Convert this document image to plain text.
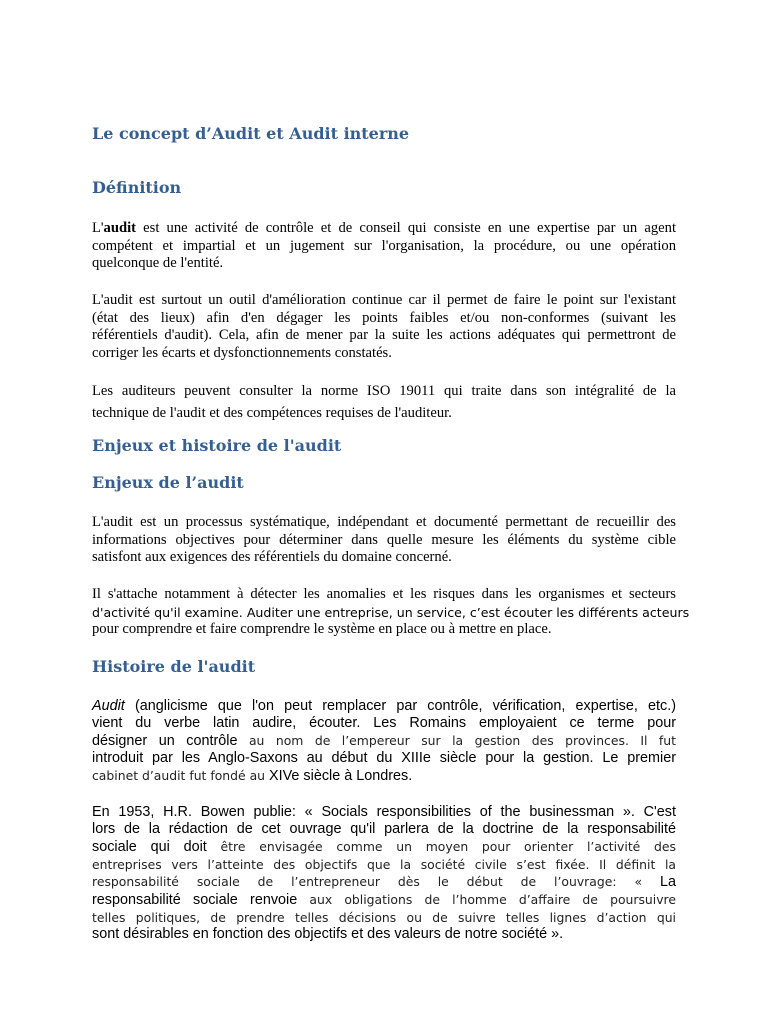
Le concept d’Audit et Audit interne
Définition

L'audit est une activité de contrôle et de conseil qui consiste en une expertise par un agent
compétent et impartial et un jugement sur l'organisation, la procédure, ou une opération
quelconque de l'entité.

L'audit est surtout un outil d'amélioration continue car il permet de faire le point sur l'existant
(état des lieux) afin d'en dégager les points faibles et/ou non-conformes (suivant les
référentiels d'audit). Cela, afin de mener par la suite les actions adéquates qui permettront de
corriger les écarts et dysfonctionnements constatés.

Les auditeurs peuvent consulter la norme ISO 19011 qui traite dans son intégralité de la
technique de l'audit et des compétences requises de l'auditeur.

Enjeux et histoire de l'audit
Enjeux de l’audit

L'audit est un processus systématique, indépendant et documenté permettant de recueillir des
informations objectives pour déterminer dans quelle mesure les éléments du système cible
satisfont aux exigences des référentiels du domaine concerné.

Il s'attache notamment à détecter les anomalies et les risques dans les organismes et secteurs
d'activité qu'il examine. Auditer une entreprise, un service, c’est écouter les différents acteurs
pour comprendre et faire comprendre le système en place ou à mettre en place.

Histoire de l'audit

Audit (anglicisme que l'on peut remplacer par contrôle, vérification, expertise, etc.)
vient du verbe latin audire, écouter. Les Romains employaient ce terme pour
désigner un contrôle au nom de l’empereur sur la gestion des provinces. Il fut
introduit par les Anglo-Saxons au début du XIIIe siècle pour la gestion. Le premier
cabinet d’audit fut fondé au XIVe siècle à Londres.

En 1953, H.R. Bowen publie: « Socials responsibilities of the businessman ». C'est
lors de la rédaction de cet ouvrage qu'il parlera de la doctrine de la responsabilité
sociale qui doit être envisagée comme un moyen pour orienter l’activité des
entreprises vers l’atteinte des objectifs que la société civile s’est fixée. Il définit la
responsabilité sociale de l’entrepreneur dès le début de l’ouvrage: « La
responsabilité sociale renvoie aux obligations de l’homme d’affaire de poursuivre
telles politiques, de prendre telles décisions ou de suivre telles lignes d’action qui
sont désirables en fonction des objectifs et des valeurs de notre société ».
